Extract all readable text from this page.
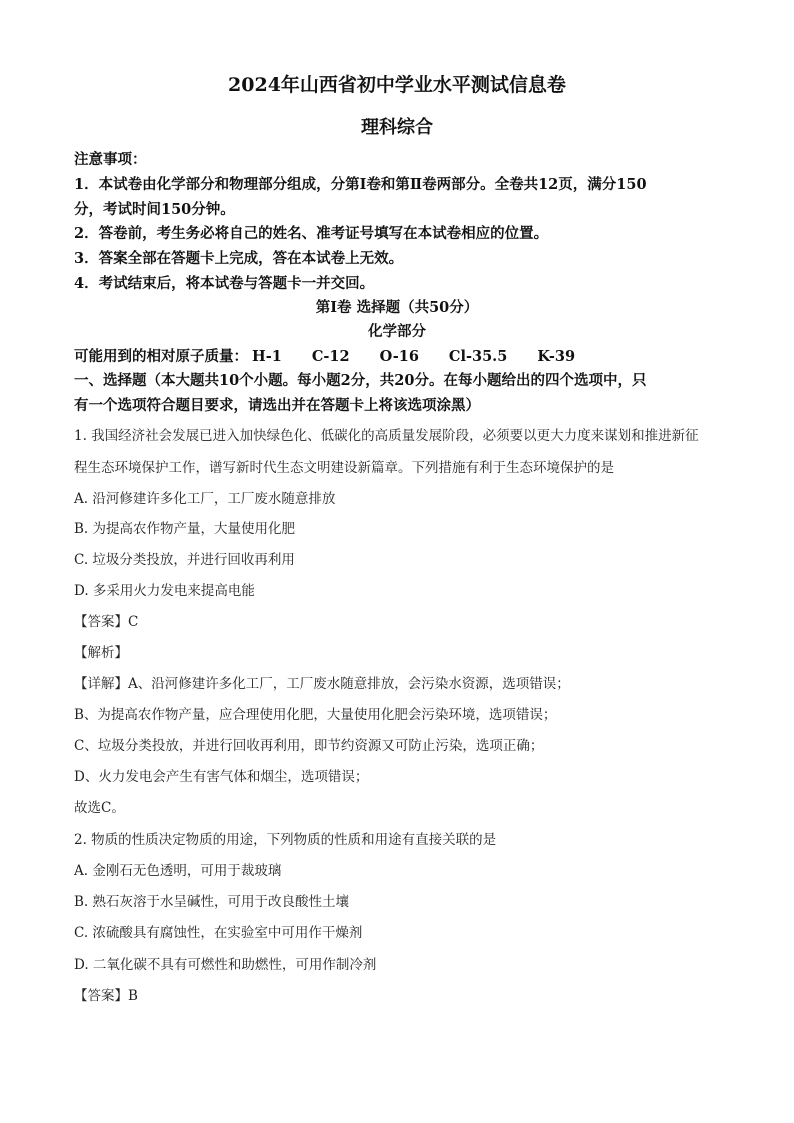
2024年山西省初中学业水平测试信息卷

理科综合

注意事项：

1．本试卷由化学部分和物理部分组成，分第Ⅰ卷和第Ⅱ卷两部分。全卷共12页，满分150

分，考试时间150分钟。

2．答卷前，考生务必将自己的姓名、准考证号填写在本试卷相应的位置。

3．答案全部在答题卡上完成，答在本试卷上无效。

4．考试结束后，将本试卷与答题卡一并交回。

第Ⅰ卷 选择题（共50分）

化学部分

可能用到的相对原子质量： H-1 C-12 O-16 Cl-35.5 K-39

一、选择题（本大题共10个小题。每小题2分，共20分。在每小题给出的四个选项中，只

有一个选项符合题目要求，请选出并在答题卡上将该选项涂黑）

1. 我国经济社会发展已进入加快绿色化、低碳化的高质量发展阶段，必须要以更大力度来谋划和推进新征

程生态环境保护工作，谱写新时代生态文明建设新篇章。下列措施有利于生态环境保护的是

A. 沿河修建许多化工厂，工厂废水随意排放

B. 为提高农作物产量，大量使用化肥

C. 垃圾分类投放，并进行回收再利用

D. 多采用火力发电来提高电能

【答案】C

【解析】

【详解】A、沿河修建许多化工厂，工厂废水随意排放，会污染水资源，选项错误；

B、为提高农作物产量，应合理使用化肥，大量使用化肥会污染环境，选项错误；

C、垃圾分类投放，并进行回收再利用，即节约资源又可防止污染，选项正确；

D、火力发电会产生有害气体和烟尘，选项错误；

故选C。

2. 物质的性质决定物质的用途，下列物质的性质和用途有直接关联的是

A. 金刚石无色透明，可用于裁玻璃

B. 熟石灰溶于水呈碱性，可用于改良酸性土壤

C. 浓硫酸具有腐蚀性，在实验室中可用作干燥剂

D. 二氧化碳不具有可燃性和助燃性，可用作制冷剂

【答案】B
